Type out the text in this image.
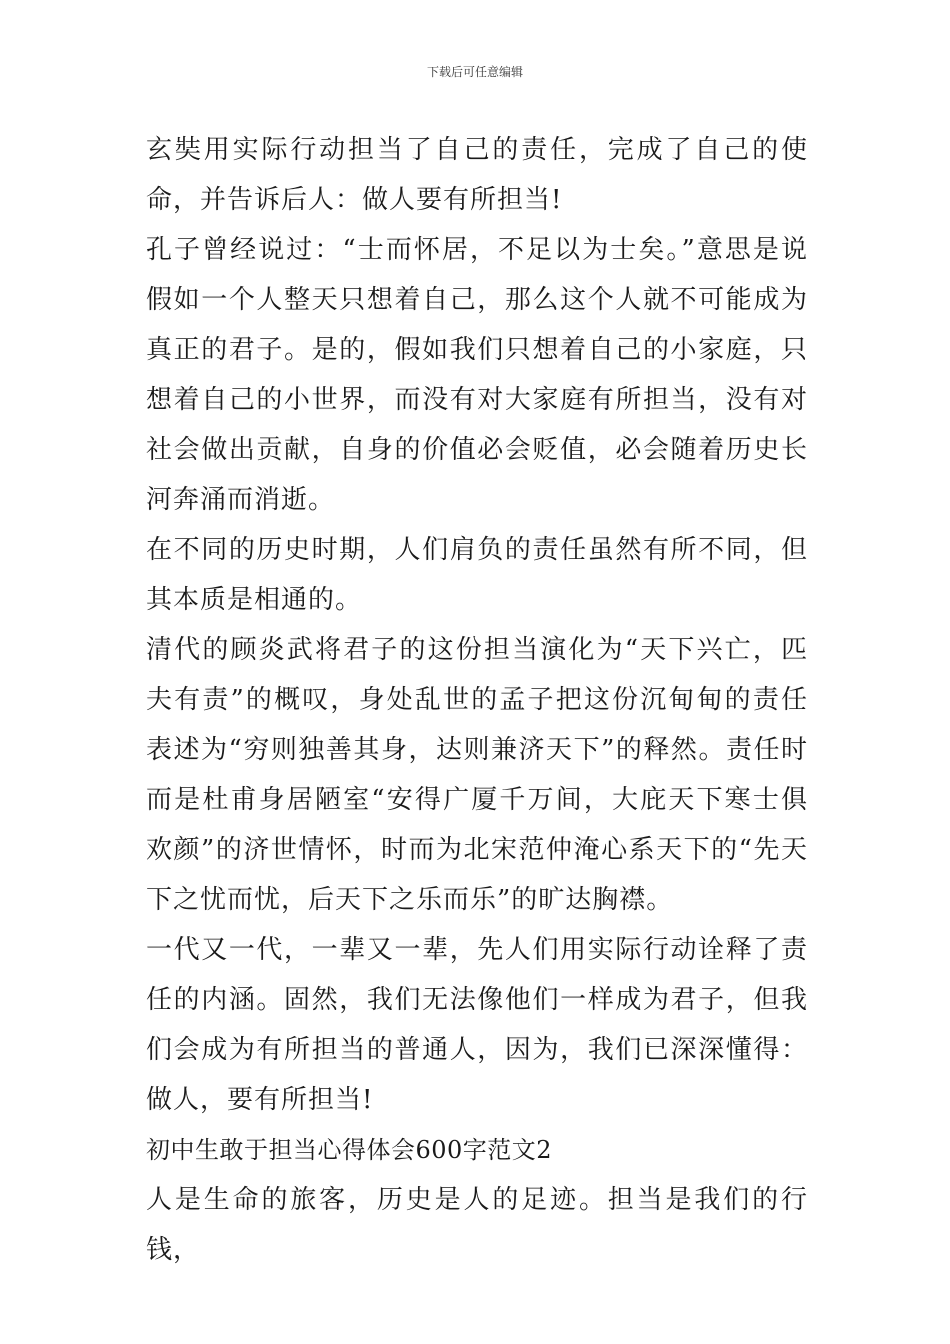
下载后可任意编辑

玄奘用实际行动担当了自己的责任，完成了自己的使命，并告诉后人：做人要有所担当!

孔子曾经说过：“士而怀居，不足以为士矣。”意思是说假如一个人整天只想着自己，那么这个人就不可能成为真正的君子。是的，假如我们只想着自己的小家庭，只想着自己的小世界，而没有对大家庭有所担当，没有对社会做出贡献，自身的价值必会贬值，必会随着历史长河奔涌而消逝。

在不同的历史时期，人们肩负的责任虽然有所不同，但其本质是相通的。

清代的顾炎武将君子的这份担当演化为“天下兴亡，匹夫有责”的概叹，身处乱世的孟子把这份沉甸甸的责任表述为“穷则独善其身，达则兼济天下”的释然。责任时而是杜甫身居陋室“安得广厦千万间，大庇天下寒士俱欢颜”的济世情怀，时而为北宋范仲淹心系天下的“先天下之忧而忧，后天下之乐而乐”的旷达胸襟。

一代又一代，一辈又一辈，先人们用实际行动诠释了责任的内涵。固然，我们无法像他们一样成为君子，但我们会成为有所担当的普通人，因为，我们已深深懂得：做人，要有所担当!

初中生敢于担当心得体会600字范文2

人是生命的旅客，历史是人的足迹。担当是我们的行钱，
